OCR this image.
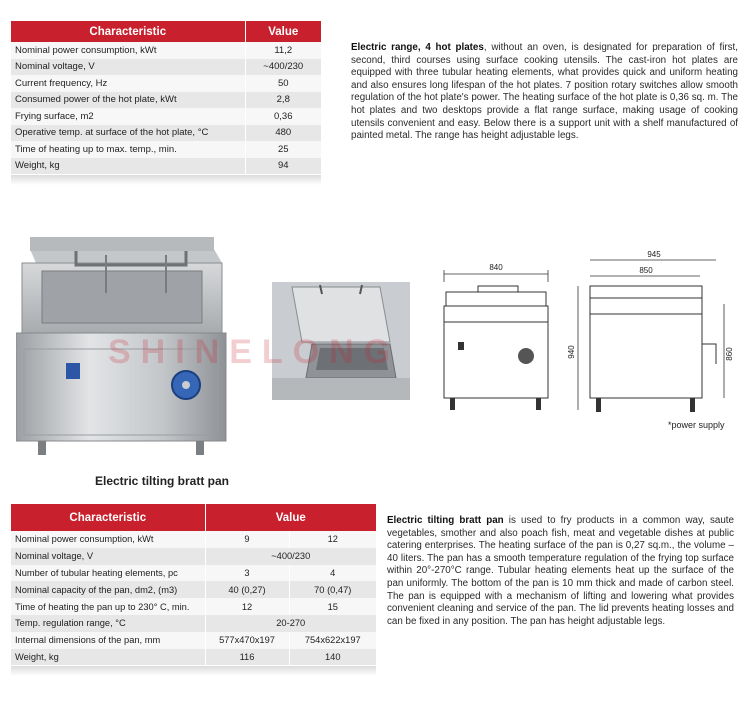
Characteristic	Value
Nominal power consumption, kWt	11,2
Nominal voltage, V	~400/230
Current frequency, Hz	50
Consumed power of the hot plate, kWt	2,8
Frying surface, m2	0,36
Operative temp. at surface of the hot plate, °C	480
Time of heating up to max. temp., min.	25
Weight, kg	94

Electric range, 4 hot plates, without an oven, is designated for preparation of first, second, third courses using surface cooking utensils. The cast-iron hot plates are equipped with three tubular heating elements, what provides quick and uniform heating and also ensures long lifespan of the hot plates. 7 position rotary switches allow smooth regulation of the hot plate's power. The heating surface of the hot plate is 0,36 sq. m. The hot plates and two desktops provide a flat range surface, making usage of cooking utensils convenient and easy. Below there is a support unit with a shelf manufactured of painted metal. The range has height adjustable legs.

840
945
850
940	860
SHINELONG
*power supply
Electric tilting bratt pan
Characteristic	Value	
Nominal power consumption, kWt	9	12
Nominal voltage, V	~400/230	
Number of tubular heating elements, pc	3	4
Nominal capacity of the pan, dm2, (m3)	40 (0,27)	70 (0,47)
Time of heating the pan up to 230° C, min.	12	15
Temp. regulation range, °C	20-270	
Internal dimensions of the pan, mm	577x470x197	754x622x197
Weight, kg	116	140

Electric tilting bratt pan is used to fry products in a common way, saute vegetables, smother and also poach fish, meat and vegetable dishes at public catering enterprises. The heating surface of the pan is 0,27 sq.m., the volume – 40 liters. The pan has a smooth temperature regulation of the frying top surface within 20°-270°C range. Tubular heating elements heat up the surface of the pan uniformly. The bottom of the pan is 10 mm thick and made of carbon steel. The pan is equipped with a mechanism of lifting and lowering what provides convenient cleaning and service of the pan. The lid prevents heating losses and can be fixed in any position. The pan has height adjustable legs.
